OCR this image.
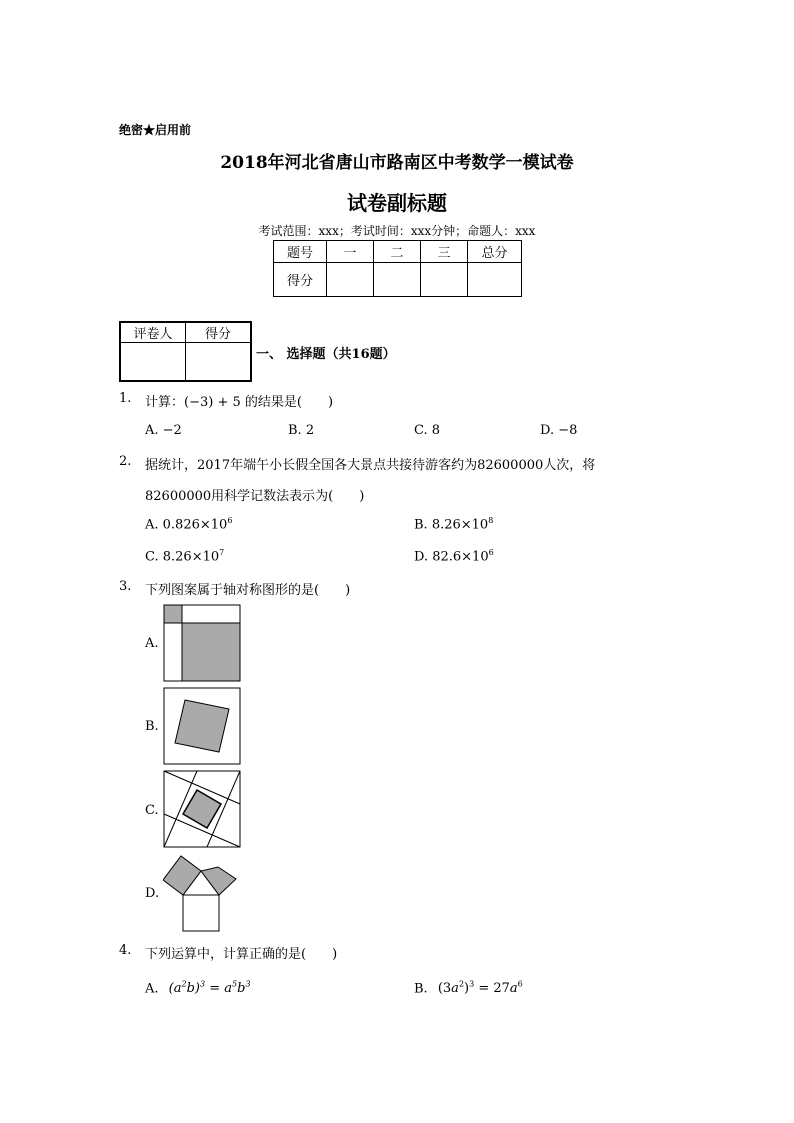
绝密★启用前
2018年河北省唐山市路南区中考数学一模试卷
试卷副标题
考试范围：xxx；考试时间：xxx分钟；命题人：xxx
题号	一	二	三	总分
得分				
评卷人	得分

一、 选择题（共16题）
1. 计算：(−3) + 5 的结果是(　　)
A. −2	B. 2	C. 8	D. −8
2. 据统计，2017年端午小长假全国各大景点共接待游客约为82600000人次，将
82600000用科学记数法表示为(　　)
A. $0.826\times 10^6$	B. $8.26\times 10^8$
C. $8.26\times 10^7$	D. $82.6\times 10^6$
3. 下列图案属于轴对称图形的是(　　)
A.
B.
C.
D.
4. 下列运算中，计算正确的是(　　)
A. $(a^2b)^3 = a^5b^3$	B. $(3a^2)^3 = 27a^6$
